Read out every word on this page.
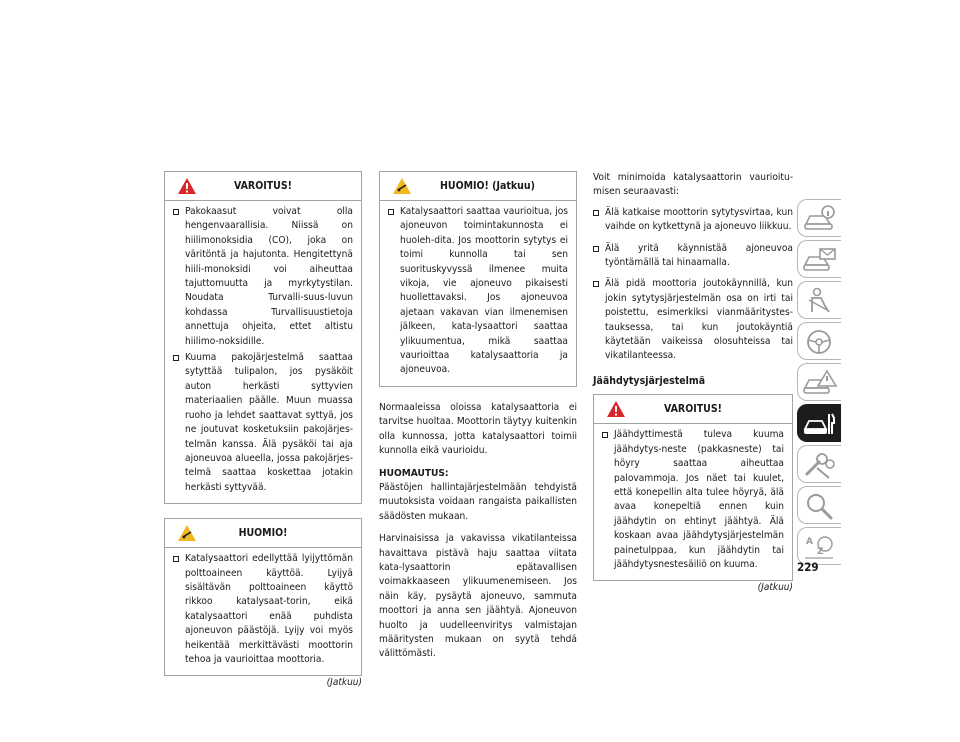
VAROITUS!
Pakokaasut voivat olla hengenvaarallisia. Niissä on hiilimonoksidia (CO), joka on väritöntä ja hajutonta. Hengitettynä hiili-monoksidi voi aiheuttaa tajuttomuutta ja myrkytystilan. Noudata Turvalli-suus-luvun kohdassa Turvallisuustietoja annettuja ohjeita, ettet altistu hiilimo-noksidille.
Kuuma pakojärjestelmä saattaa sytyttää tulipalon, jos pysäköit auton herkästi syttyvien materiaalien päälle. Muun muassa ruoho ja lehdet saattavat syttyä, jos ne joutuvat kosketuksiin pakojärjes-telmän kanssa. Älä pysäköi tai aja ajoneuvoa alueella, jossa pakojärjes-telmä saattaa koskettaa jotakin herkästi syttyvää.
HUOMIO!
Katalysaattori edellyttää lyijyttömän polttoaineen käyttöä. Lyijyä sisältävän polttoaineen käyttö rikkoo katalysaat-torin, eikä katalysaattori enää puhdista ajoneuvon päästöjä. Lyijy voi myös heikentää merkittävästi moottorin tehoa ja vaurioittaa moottoria.
(Jatkuu)
HUOMIO! (Jatkuu)
Katalysaattori saattaa vaurioitua, jos ajoneuvon toimintakunnosta ei huoleh-dita. Jos moottorin sytytys ei toimi kunnolla tai sen suorituskyvyssä ilmenee muita vikoja, vie ajoneuvo pikaisesti huollettavaksi. Jos ajoneuvoa ajetaan vakavan vian ilmenemisen jälkeen, kata-lysaattori saattaa ylikuumentua, mikä saattaa vaurioittaa katalysaattoria ja ajoneuvoa.

Normaaleissa oloissa katalysaattoria ei tarvitse huoltaa. Moottorin täytyy kuitenkin olla kunnossa, jotta katalysaattori toimii kunnolla eikä vaurioidu.

HUOMAUTUS:

Päästöjen hallintajärjestelmään tehdyistä muutoksista voidaan rangaista paikallisten säädösten mukaan.

Harvinaisissa ja vakavissa vikatilanteissa havaittava pistävä haju saattaa viitata kata-lysaattorin epätavallisen voimakkaaseen ylikuumenemiseen. Jos näin käy, pysäytä ajoneuvo, sammuta moottori ja anna sen jäähtyä. Ajoneuvon huolto ja uudelleenviritys valmistajan määritysten mukaan on syytä tehdä välittömästi.

Voit minimoida katalysaattorin vaurioitu-misen seuraavasti:

Älä katkaise moottorin sytytysvirtaa, kun vaihde on kytkettynä ja ajoneuvo liikkuu.
Älä yritä käynnistää ajoneuvoa työntämällä tai hinaamalla.
Älä pidä moottoria joutokäynnillä, kun jokin sytytysjärjestelmän osa on irti tai poistettu, esimerkiksi vianmääritystes-tauksessa, tai kun joutokäyntiä käytetään vaikeissa olosuhteissa tai vikatilanteessa.
Jäähdytysjärjestelmä
VAROITUS!
Jäähdyttimestä tuleva kuuma jäähdytys-neste (pakkasneste) tai höyry saattaa aiheuttaa palovammoja. Jos näet tai kuulet, että konepellin alta tulee höyryä, älä avaa konepeltiä ennen kuin jäähdytin on ehtinyt jäähtyä. Älä koskaan avaa jäähdytysjärjestelmän painetulppaa, kun jäähdytin tai jäähdytysnestesäiliö on kuuma.
(Jatkuu)
A
Z
229
